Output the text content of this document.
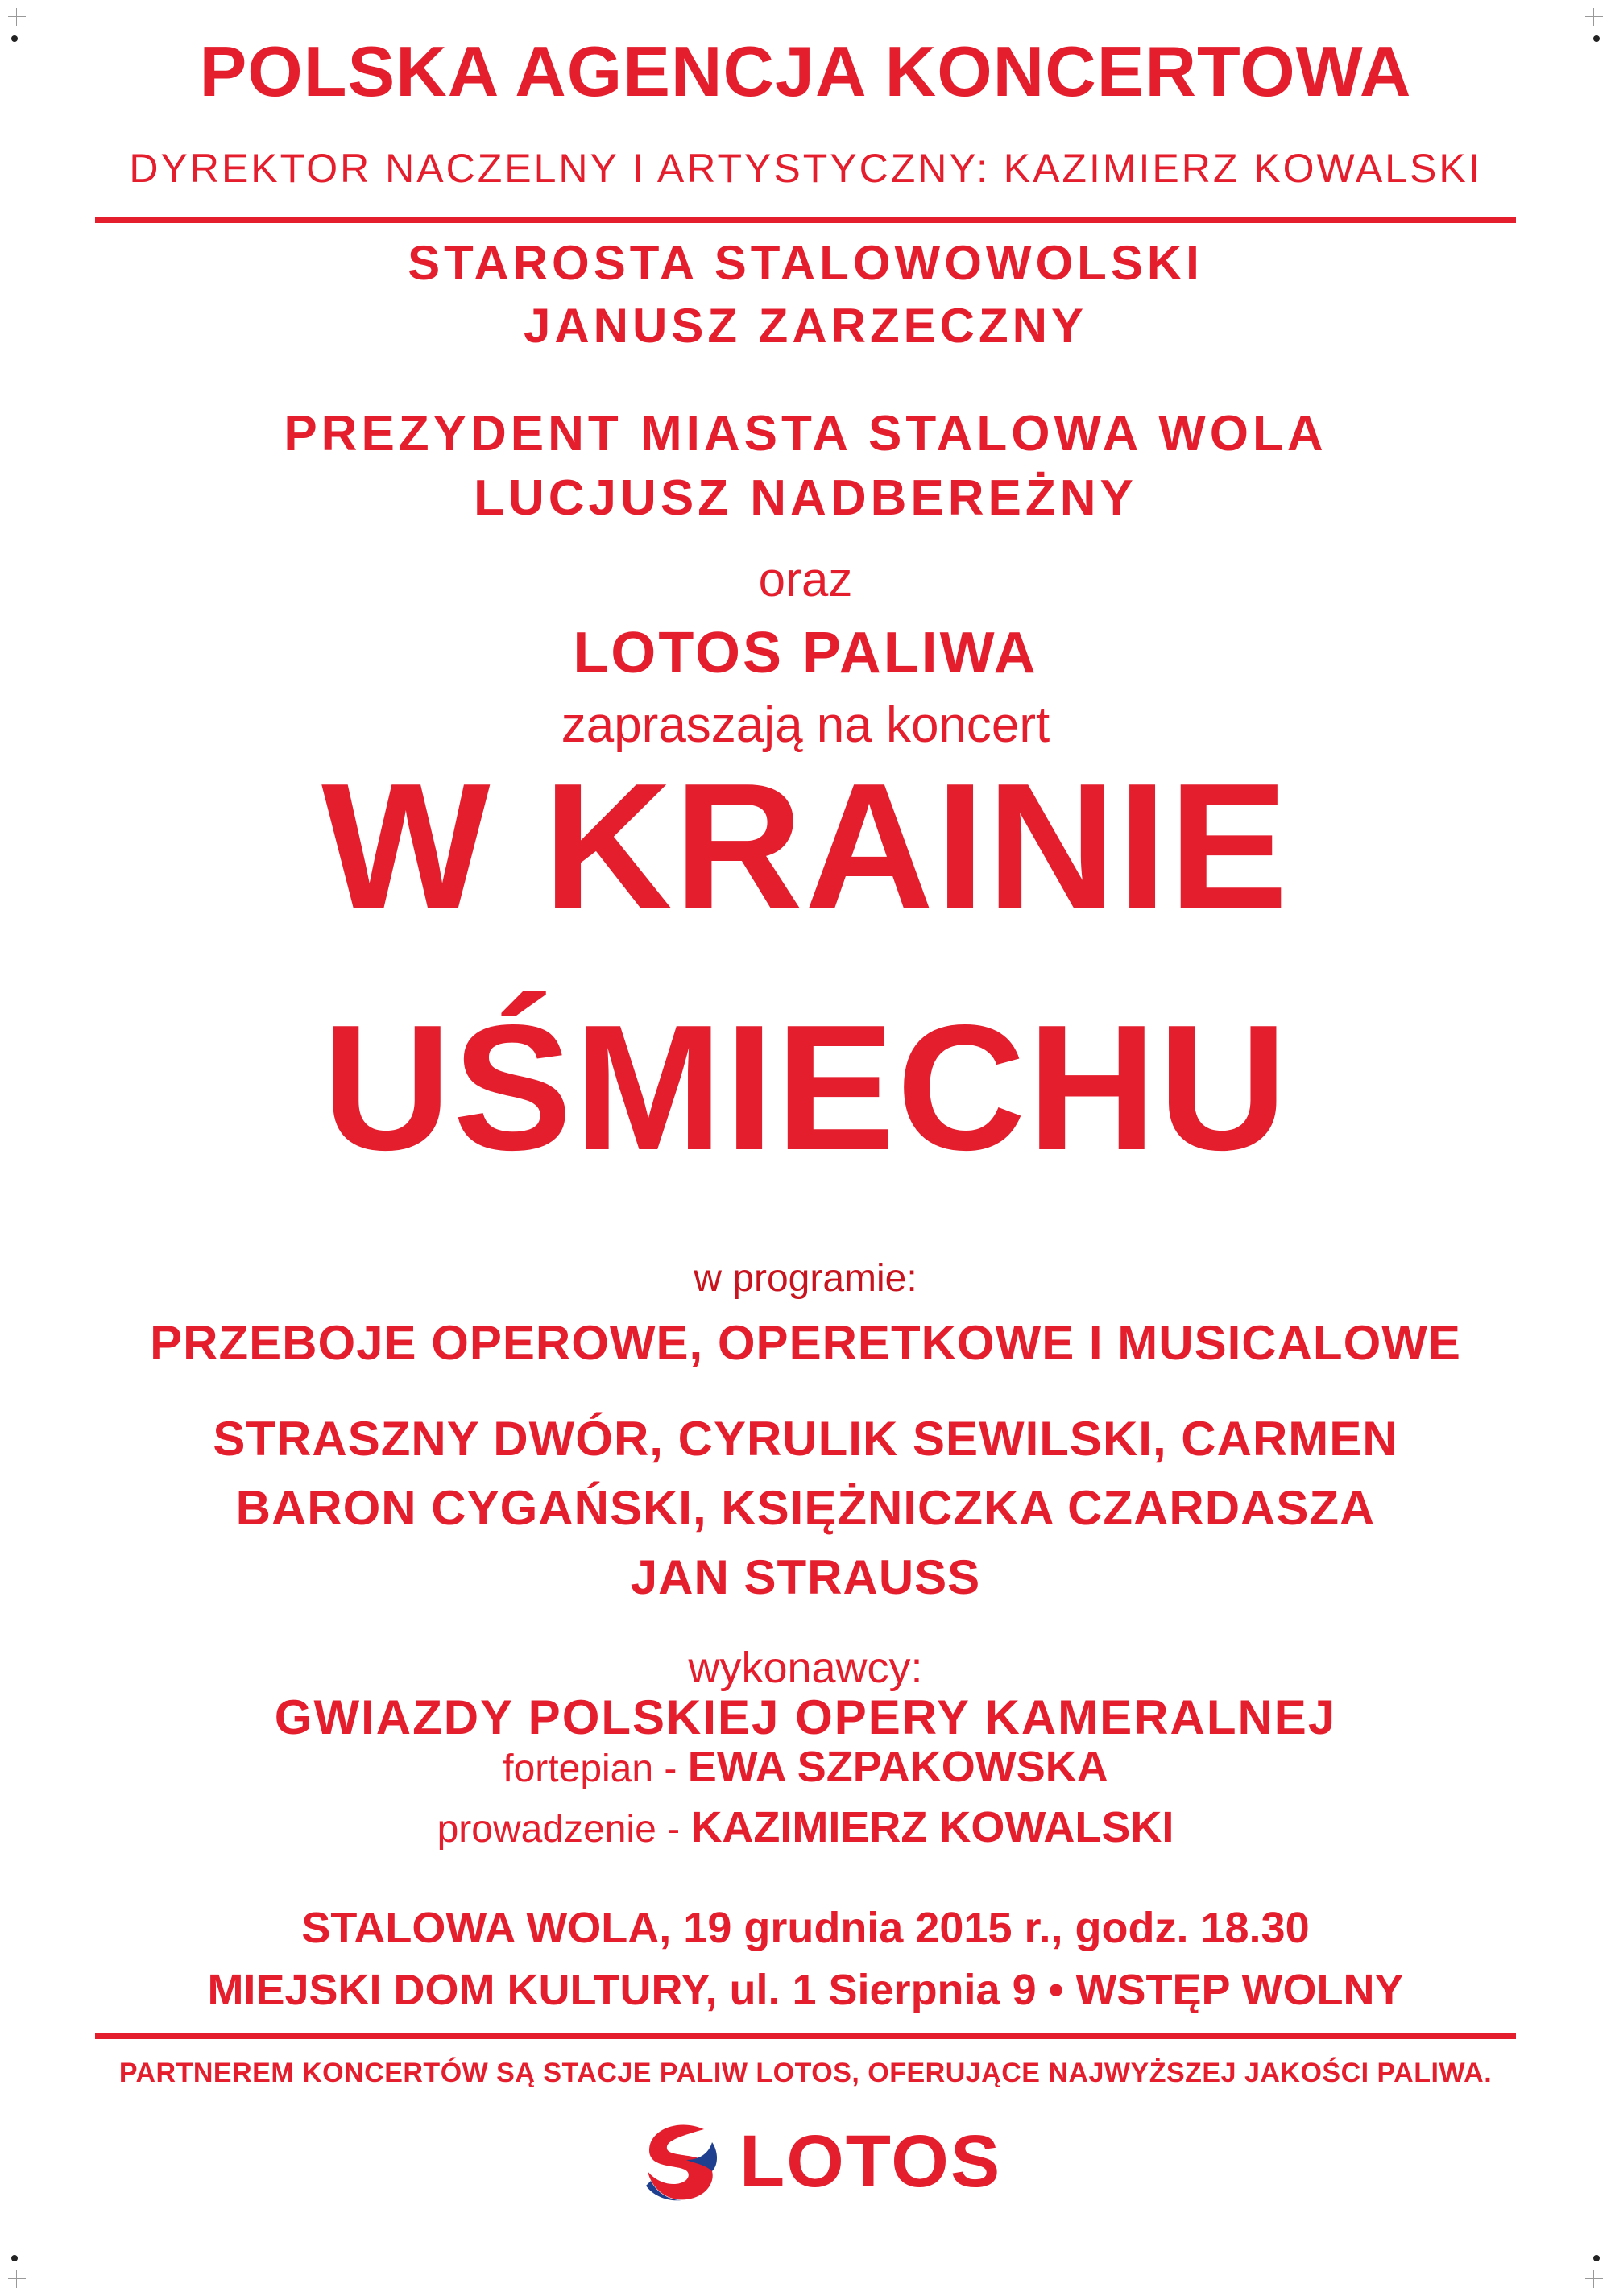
POLSKA AGENCJA KONCERTOWA
DYREKTOR NACZELNY I ARTYSTYCZNY: KAZIMIERZ KOWALSKI
STAROSTA STALOWOWOLSKI
JANUSZ ZARZECZNY
PREZYDENT MIASTA STALOWA WOLA
LUCJUSZ NADBEREŻNY
oraz
LOTOS PALIWA
zapraszają na koncert
W KRAINIE
UŚMIECHU
w programie:
PRZEBOJE OPEROWE, OPERETKOWE I MUSICALOWE
STRASZNY DWÓR, CYRULIK SEWILSKI, CARMEN
BARON CYGAŃSKI, KSIĘŻNICZKA CZARDASZA
JAN STRAUSS
wykonawcy:
GWIAZDY POLSKIEJ OPERY KAMERALNEJ
fortepian - EWA SZPAKOWSKA
prowadzenie - KAZIMIERZ KOWALSKI
STALOWA WOLA, 19 grudnia 2015 r., godz. 18.30
MIEJSKI DOM KULTURY, ul. 1 Sierpnia 9 • WSTĘP WOLNY
PARTNEREM KONCERTÓW SĄ STACJE PALIW LOTOS, OFERUJĄCE NAJWYŻSZEJ JAKOŚCI PALIWA.
LOTOS
